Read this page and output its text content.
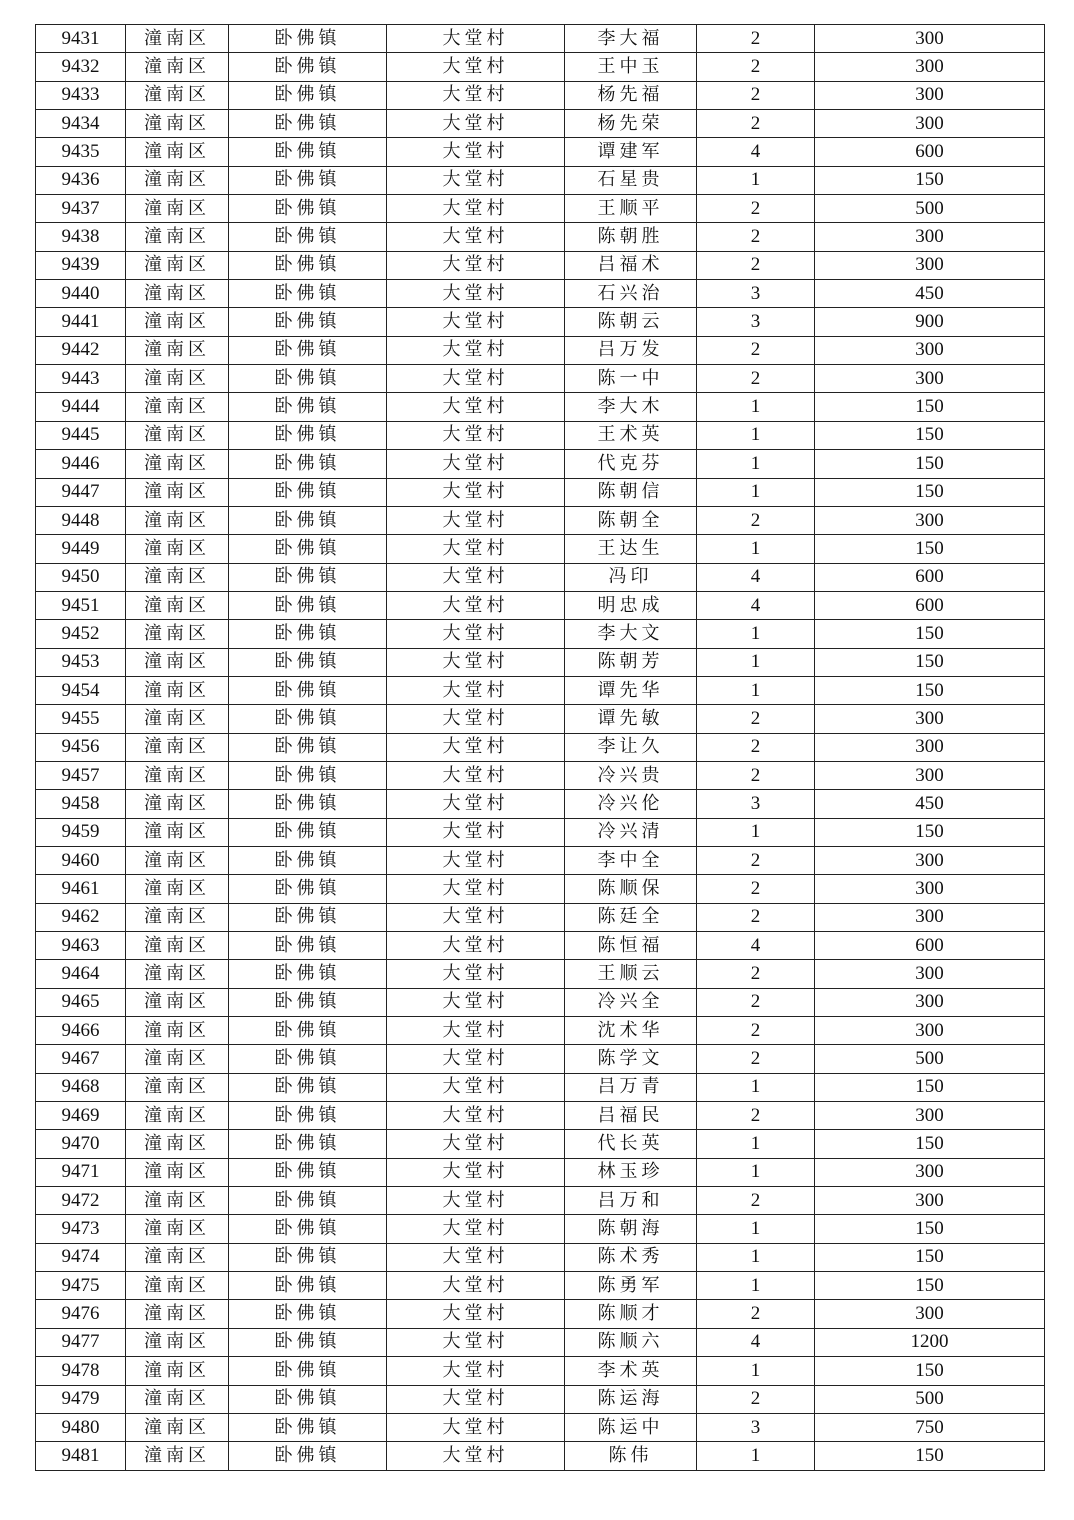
9431	潼南区	卧佛镇	大堂村	李大福	2	300
9432	潼南区	卧佛镇	大堂村	王中玉	2	300
9433	潼南区	卧佛镇	大堂村	杨先福	2	300
9434	潼南区	卧佛镇	大堂村	杨先荣	2	300
9435	潼南区	卧佛镇	大堂村	谭建军	4	600
9436	潼南区	卧佛镇	大堂村	石星贵	1	150
9437	潼南区	卧佛镇	大堂村	王顺平	2	500
9438	潼南区	卧佛镇	大堂村	陈朝胜	2	300
9439	潼南区	卧佛镇	大堂村	吕福术	2	300
9440	潼南区	卧佛镇	大堂村	石兴治	3	450
9441	潼南区	卧佛镇	大堂村	陈朝云	3	900
9442	潼南区	卧佛镇	大堂村	吕万发	2	300
9443	潼南区	卧佛镇	大堂村	陈一中	2	300
9444	潼南区	卧佛镇	大堂村	李大木	1	150
9445	潼南区	卧佛镇	大堂村	王术英	1	150
9446	潼南区	卧佛镇	大堂村	代克芬	1	150
9447	潼南区	卧佛镇	大堂村	陈朝信	1	150
9448	潼南区	卧佛镇	大堂村	陈朝全	2	300
9449	潼南区	卧佛镇	大堂村	王达生	1	150
9450	潼南区	卧佛镇	大堂村	冯印	4	600
9451	潼南区	卧佛镇	大堂村	明忠成	4	600
9452	潼南区	卧佛镇	大堂村	李大文	1	150
9453	潼南区	卧佛镇	大堂村	陈朝芳	1	150
9454	潼南区	卧佛镇	大堂村	谭先华	1	150
9455	潼南区	卧佛镇	大堂村	谭先敏	2	300
9456	潼南区	卧佛镇	大堂村	李让久	2	300
9457	潼南区	卧佛镇	大堂村	冷兴贵	2	300
9458	潼南区	卧佛镇	大堂村	冷兴伦	3	450
9459	潼南区	卧佛镇	大堂村	冷兴清	1	150
9460	潼南区	卧佛镇	大堂村	李中全	2	300
9461	潼南区	卧佛镇	大堂村	陈顺保	2	300
9462	潼南区	卧佛镇	大堂村	陈廷全	2	300
9463	潼南区	卧佛镇	大堂村	陈恒福	4	600
9464	潼南区	卧佛镇	大堂村	王顺云	2	300
9465	潼南区	卧佛镇	大堂村	冷兴全	2	300
9466	潼南区	卧佛镇	大堂村	沈术华	2	300
9467	潼南区	卧佛镇	大堂村	陈学文	2	500
9468	潼南区	卧佛镇	大堂村	吕万青	1	150
9469	潼南区	卧佛镇	大堂村	吕福民	2	300
9470	潼南区	卧佛镇	大堂村	代长英	1	150
9471	潼南区	卧佛镇	大堂村	林玉珍	1	300
9472	潼南区	卧佛镇	大堂村	吕万和	2	300
9473	潼南区	卧佛镇	大堂村	陈朝海	1	150
9474	潼南区	卧佛镇	大堂村	陈术秀	1	150
9475	潼南区	卧佛镇	大堂村	陈勇军	1	150
9476	潼南区	卧佛镇	大堂村	陈顺才	2	300
9477	潼南区	卧佛镇	大堂村	陈顺六	4	1200
9478	潼南区	卧佛镇	大堂村	李术英	1	150
9479	潼南区	卧佛镇	大堂村	陈运海	2	500
9480	潼南区	卧佛镇	大堂村	陈运中	3	750
9481	潼南区	卧佛镇	大堂村	陈伟	1	150
